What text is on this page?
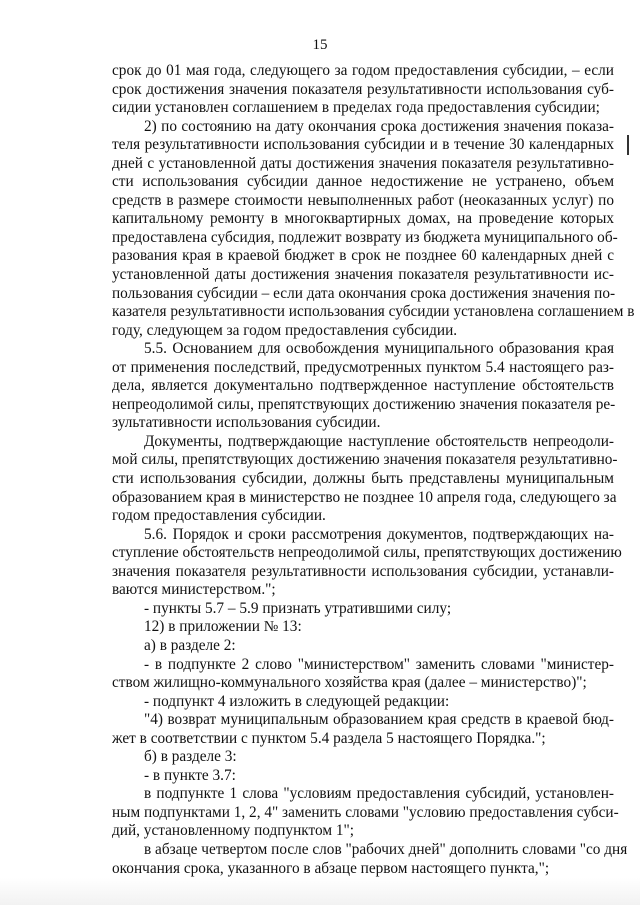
15
срок до 01 мая года, следующего за годом предоставления субсидии, – если
срок достижения значения показателя результативности использования суб-
сидии установлен соглашением в пределах года предоставления субсидии;
2) по состоянию на дату окончания срока достижения значения показа-
теля результативности использования субсидии и в течение 30 календарных
дней с установленной даты достижения значения показателя результативно-
сти использования субсидии данное недостижение не устранено, объем
средств в размере стоимости невыполненных работ (неоказанных услуг) по
капитальному ремонту в многоквартирных домах, на проведение которых
предоставлена субсидия, подлежит возврату из бюджета муниципального об-
разования края в краевой бюджет в срок не позднее 60 календарных дней с
установленной даты достижения значения показателя результативности ис-
пользования субсидии – если дата окончания срока достижения значения по-
казателя результативности использования субсидии установлена соглашением в
году, следующем за годом предоставления субсидии.
5.5. Основанием для освобождения муниципального образования края
от применения последствий, предусмотренных пунктом 5.4 настоящего раз-
дела, является документально подтвержденное наступление обстоятельств
непреодолимой силы, препятствующих достижению значения показателя ре-
зультативности использования субсидии.
Документы, подтверждающие наступление обстоятельств непреодоли-
мой силы, препятствующих достижению значения показателя результативно-
сти использования субсидии, должны быть представлены муниципальным
образованием края в министерство не позднее 10 апреля года, следующего за
годом предоставления субсидии.
5.6. Порядок и сроки рассмотрения документов, подтверждающих на-
ступление обстоятельств непреодолимой силы, препятствующих достижению
значения показателя результативности использования субсидии, устанавли-
ваются министерством.";
- пункты 5.7 – 5.9 признать утратившими силу;
12) в приложении № 13:
а) в разделе 2:
- в подпункте 2 слово "министерством" заменить словами "министер-
ством жилищно-коммунального хозяйства края (далее – министерство)";
- подпункт 4 изложить в следующей редакции:
"4) возврат муниципальным образованием края средств в краевой бюд-
жет в соответствии с пунктом 5.4 раздела 5 настоящего Порядка.";
б) в разделе 3:
- в пункте 3.7:
в подпункте 1 слова "условиям предоставления субсидий, установлен-
ным подпунктами 1, 2, 4" заменить словами "условию предоставления субси-
дий, установленному подпунктом 1";
в абзаце четвертом после слов "рабочих дней" дополнить словами "со дня
окончания срока, указанного в абзаце первом настоящего пункта,";
